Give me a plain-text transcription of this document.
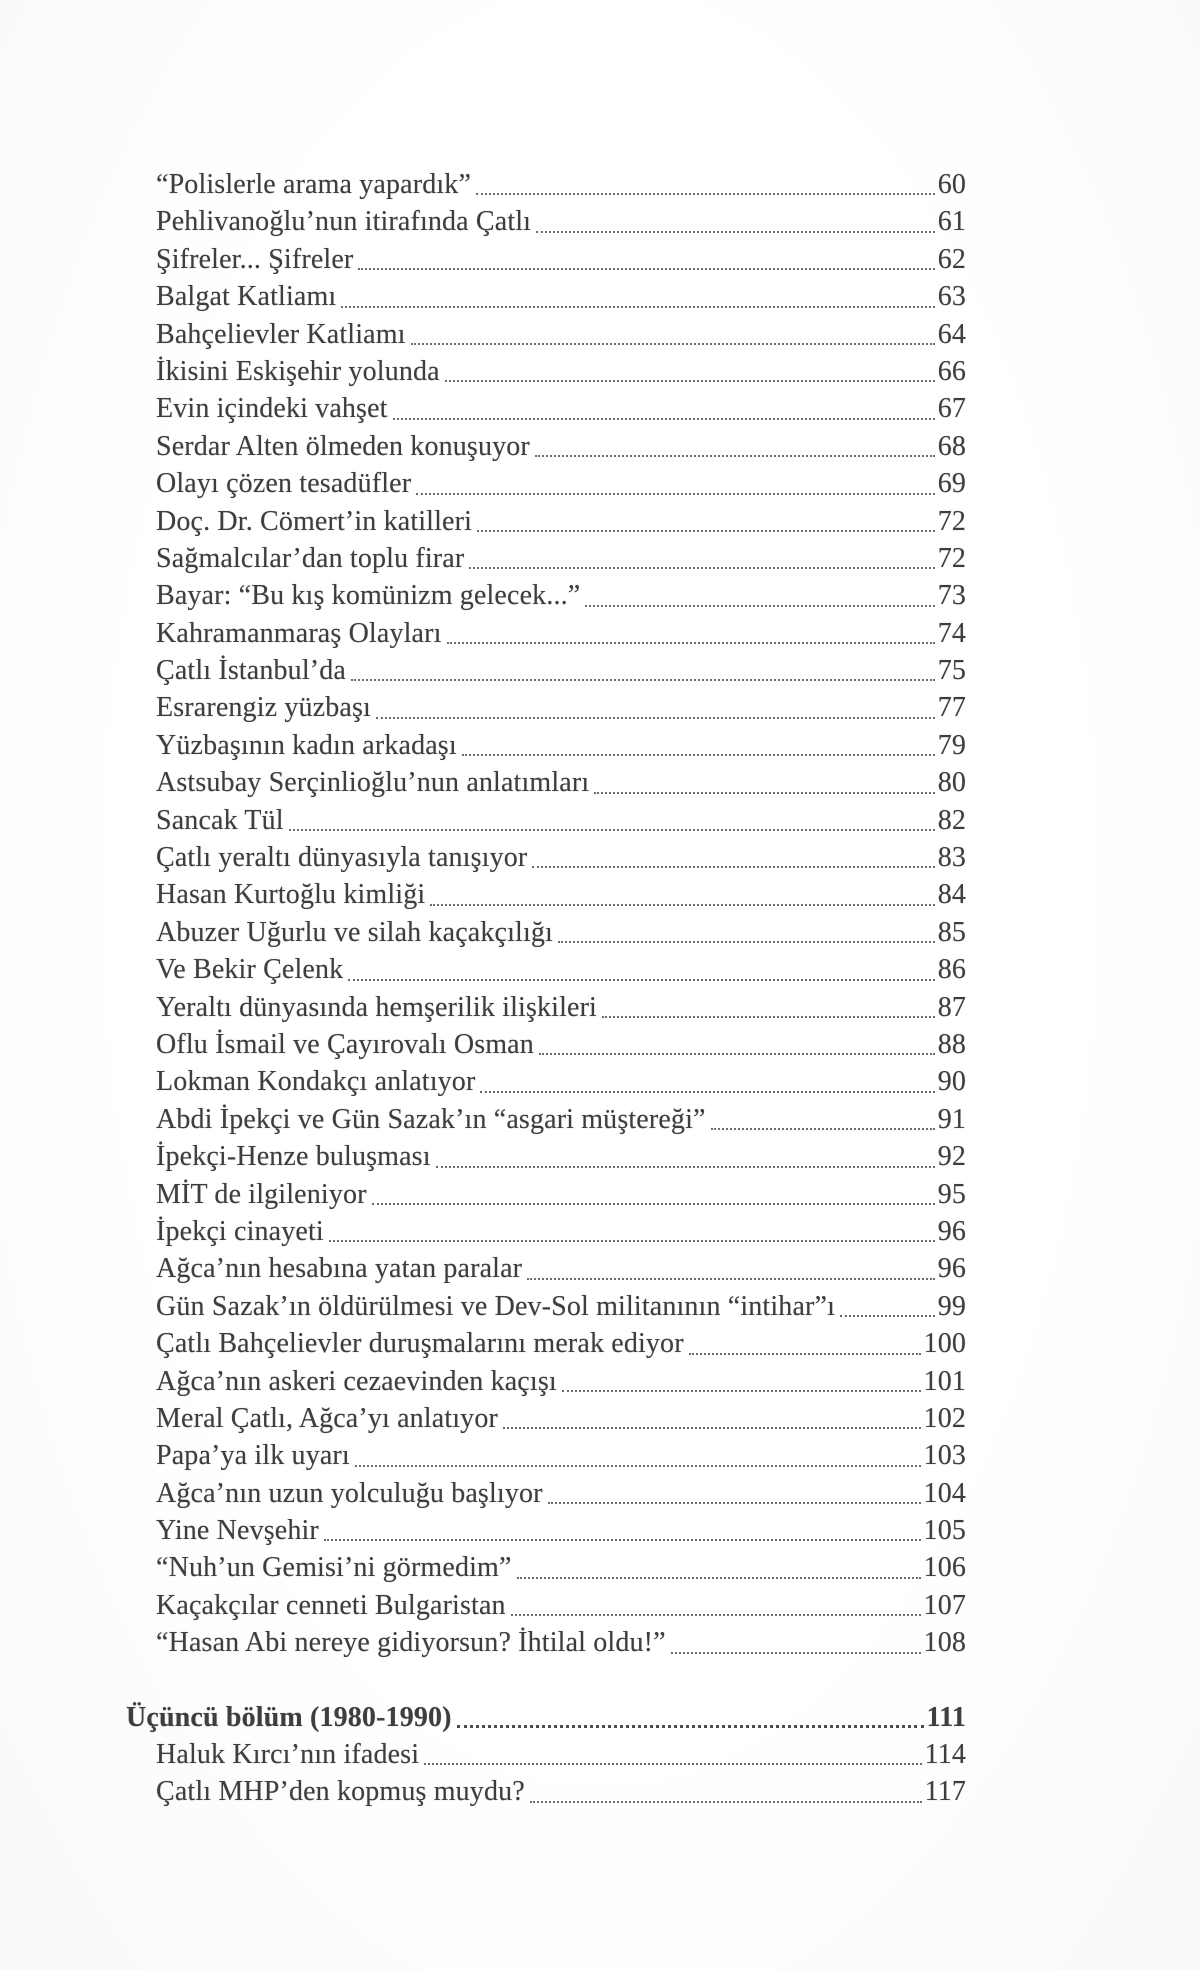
“Polislerle arama yapardık”	60
Pehlivanoğlu’nun itirafında Çatlı	61
Şifreler... Şifreler	62
Balgat Katliamı	63
Bahçelievler Katliamı	64
İkisini Eskişehir yolunda	66
Evin içindeki vahşet	67
Serdar Alten ölmeden konuşuyor	68
Olayı çözen tesadüfler	69
Doç. Dr. Cömert’in katilleri	72
Sağmalcılar’dan toplu firar	72
Bayar: “Bu kış komünizm gelecek...”	73
Kahramanmaraş Olayları	74
Çatlı İstanbul’da	75
Esrarengiz yüzbaşı	77
Yüzbaşının kadın arkadaşı	79
Astsubay Serçinlioğlu’nun anlatımları	80
Sancak Tül	82
Çatlı yeraltı dünyasıyla tanışıyor	83
Hasan Kurtoğlu kimliği	84
Abuzer Uğurlu ve silah kaçakçılığı	85
Ve Bekir Çelenk	86
Yeraltı dünyasında hemşerilik ilişkileri	87
Oflu İsmail ve Çayırovalı Osman	88
Lokman Kondakçı anlatıyor	90
Abdi İpekçi ve Gün Sazak’ın “asgari müştereği”	91
İpekçi-Henze buluşması	92
MİT de ilgileniyor	95
İpekçi cinayeti	96
Ağca’nın hesabına yatan paralar	96
Gün Sazak’ın öldürülmesi ve Dev-Sol militanının “intihar”ı	99
Çatlı Bahçelievler duruşmalarını merak ediyor	100
Ağca’nın askeri cezaevinden kaçışı	101
Meral Çatlı, Ağca’yı anlatıyor	102
Papa’ya ilk uyarı	103
Ağca’nın uzun yolculuğu başlıyor	104
Yine Nevşehir	105
“Nuh’un Gemisi’ni görmedim”	106
Kaçakçılar cenneti Bulgaristan	107
“Hasan Abi nereye gidiyorsun? İhtilal oldu!”	108
Üçüncü bölüm (1980-1990)	111
Haluk Kırcı’nın ifadesi	114
Çatlı MHP’den kopmuş muydu?	117
